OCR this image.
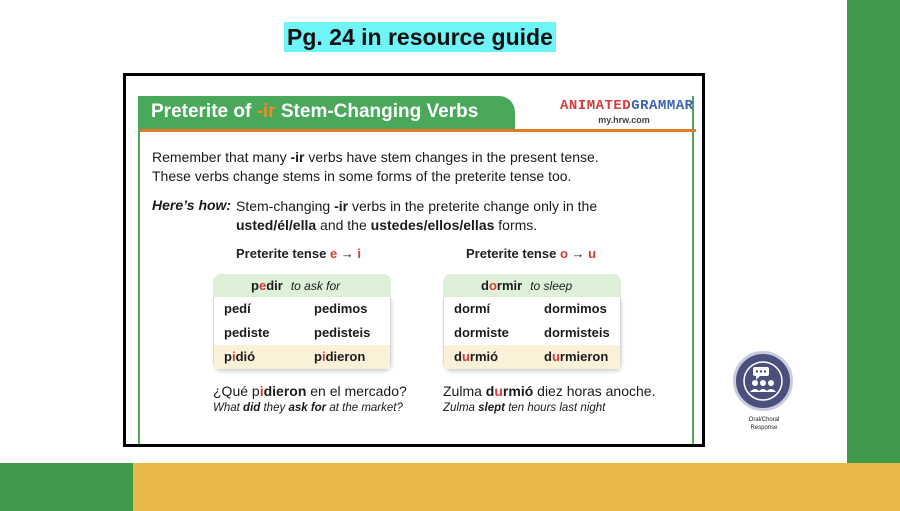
Pg. 24 in resource guide
Preterite of -ir Stem-Changing Verbs	ANIMATEDGRAMMAR
my.hrw.com
Remember that many -ir verbs have stem changes in the present tense.
These verbs change stems in some forms of the preterite tense too.
Here’s how: Stem-changing -ir verbs in the preterite change only in the
usted/él/ella and the ustedes/ellos/ellas forms.
Preterite tense e → i
pedir to ask for
pedí	pedimos
pediste	pedisteis
pidió	pidieron
¿Qué pidieron en el mercado?
What did they ask for at the market?
Preterite tense o → u
dormir to sleep
dormí	dormimos
dormiste	dormisteis
durmió	durmieron
Zulma durmió diez horas anoche.
Zulma slept ten hours last night
Oral/Choral
Response
